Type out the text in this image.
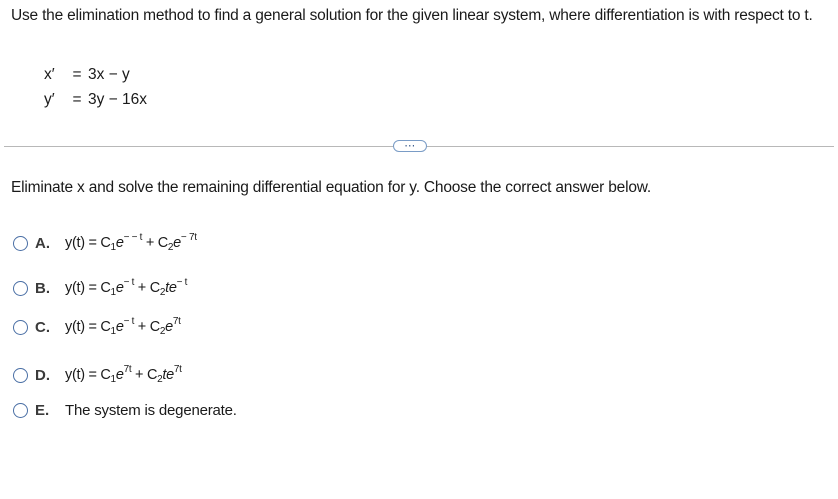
Use the elimination method to find a general solution for the given linear system, where differentiation is with respect to t.
x′	= 3x − y
y′	= 3y − 16x
⋯
Eliminate x and solve the remaining differential equation for y. Choose the correct answer below.
A.	$y(t) = C_1e^{- - t} + C_2e^{- 7t}$
B.	$y(t) = C_1e^{- t} + C_2te^{- t}$
C.	$y(t) = C_1e^{- t} + C_2e^{7t}$
D.	$y(t) = C_1e^{7t} + C_2te^{7t}$
E.	The system is degenerate.
